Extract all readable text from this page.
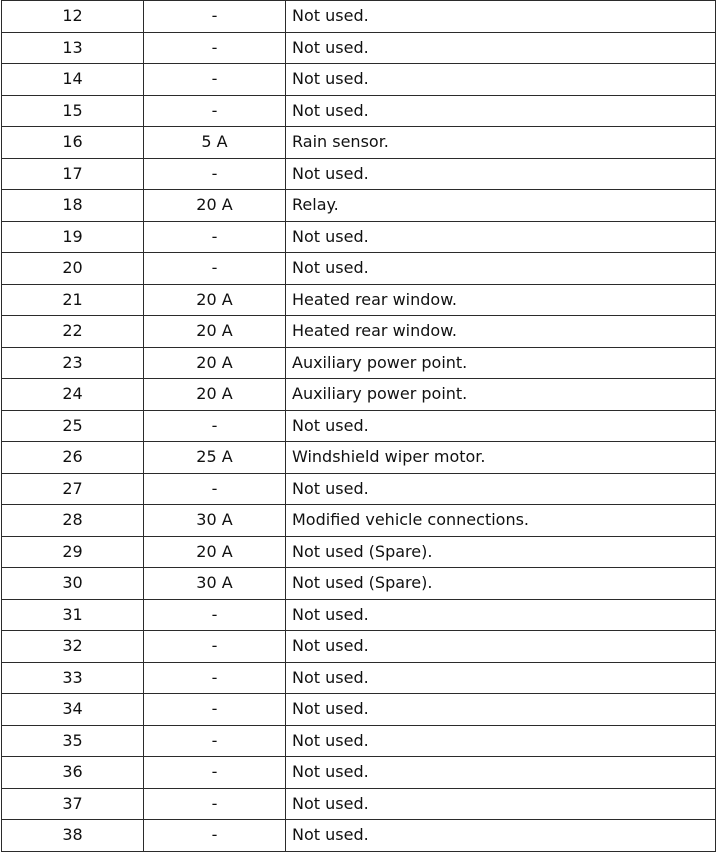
12	-	Not used.
13	-	Not used.
14	-	Not used.
15	-	Not used.
16	5 A	Rain sensor.
17	-	Not used.
18	20 A	Relay.
19	-	Not used.
20	-	Not used.
21	20 A	Heated rear window.
22	20 A	Heated rear window.
23	20 A	Auxiliary power point.
24	20 A	Auxiliary power point.
25	-	Not used.
26	25 A	Windshield wiper motor.
27	-	Not used.
28	30 A	Modified vehicle connections.
29	20 A	Not used (Spare).
30	30 A	Not used (Spare).
31	-	Not used.
32	-	Not used.
33	-	Not used.
34	-	Not used.
35	-	Not used.
36	-	Not used.
37	-	Not used.
38	-	Not used.
